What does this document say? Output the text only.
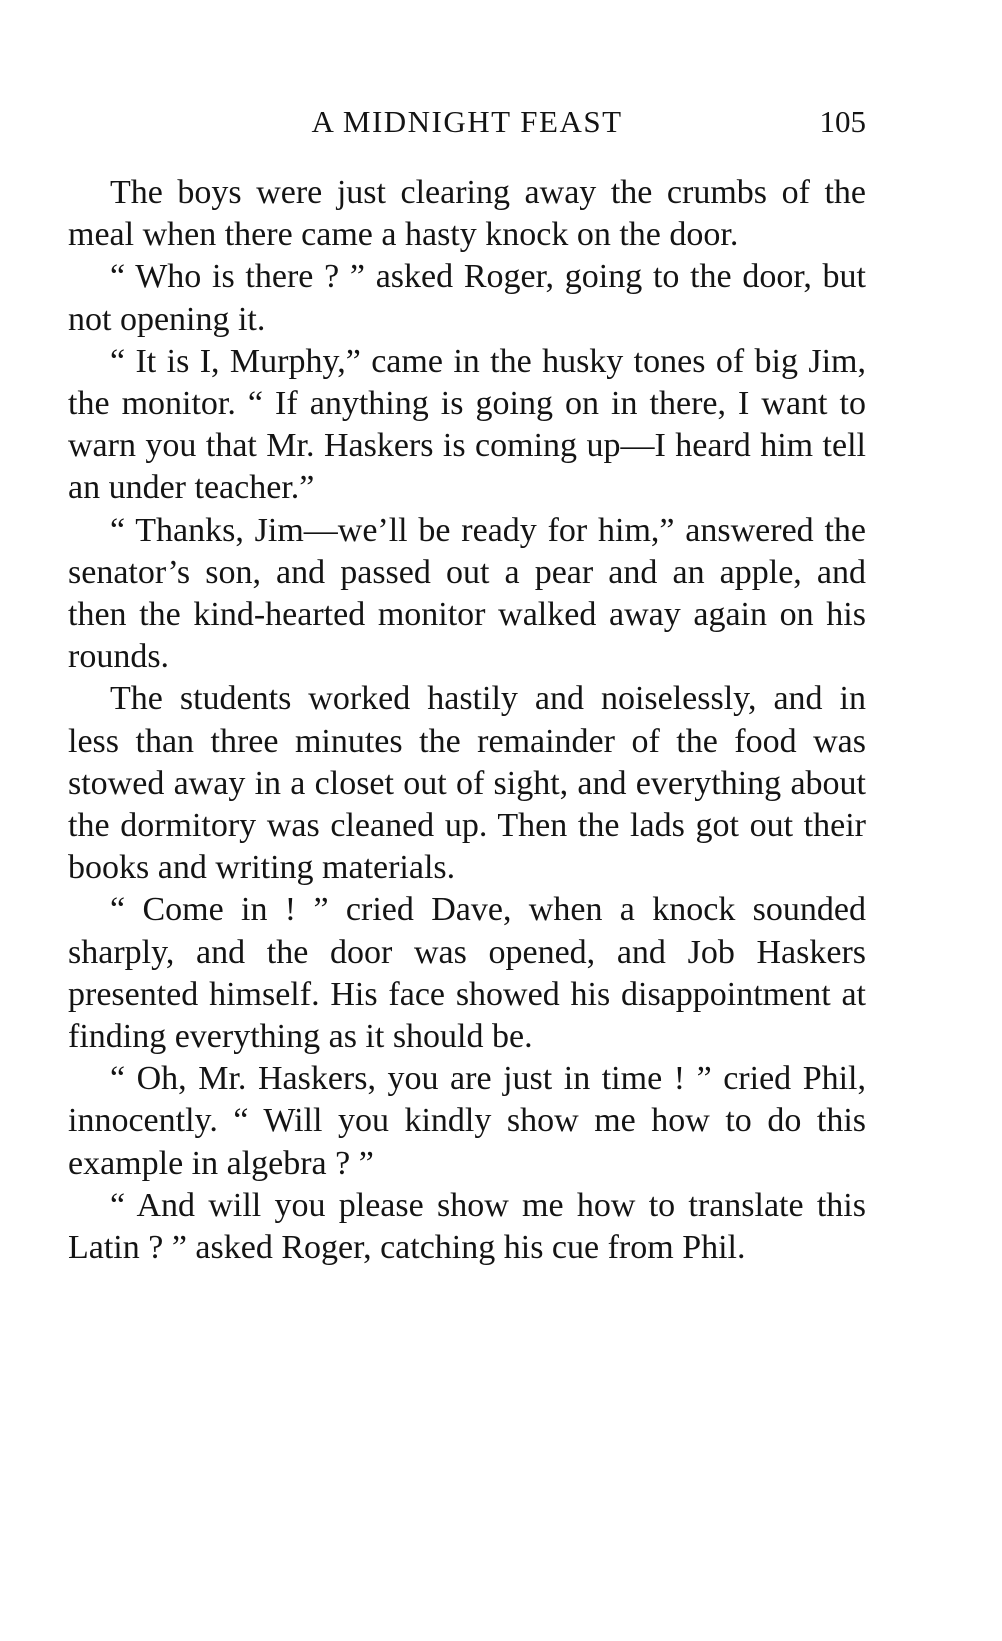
A MIDNIGHT FEAST	105

The boys were just clearing away the crumbs of the meal when there came a hasty knock on the door.

“ Who is there ? ” asked Roger, going to the door, but not opening it.

“ It is I, Murphy,” came in the husky tones of big Jim, the monitor. “ If anything is going on in there, I want to warn you that Mr. Haskers is coming up—I heard him tell an under teacher.”

“ Thanks, Jim—we’ll be ready for him,” answered the senator’s son, and passed out a pear and an apple, and then the kind-hearted monitor walked away again on his rounds.

The students worked hastily and noiselessly, and in less than three minutes the remainder of the food was stowed away in a closet out of sight, and everything about the dormitory was cleaned up. Then the lads got out their books and writing materials.

“ Come in ! ” cried Dave, when a knock sounded sharply, and the door was opened, and Job Haskers presented himself. His face showed his disappointment at finding everything as it should be.

“ Oh, Mr. Haskers, you are just in time ! ” cried Phil, innocently. “ Will you kindly show me how to do this example in algebra ? ”

“ And will you please show me how to translate this Latin ? ” asked Roger, catching his cue from Phil.
